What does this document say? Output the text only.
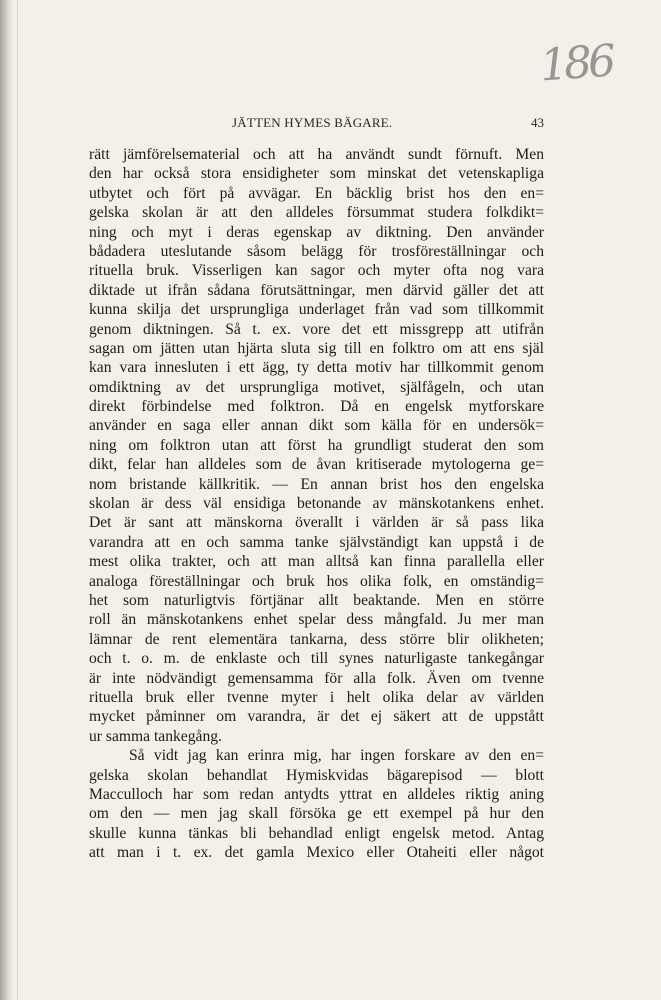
186
JÄTTEN HYMES BÄGARE.	43
rätt jämförelsematerial och att ha användt sundt förnuft. Men
den har också stora ensidigheter som minskat det vetenskapliga
utbytet och fört på avvägar. En bäcklig brist hos den en=
gelska skolan är att den alldeles försummat studera folkdikt=
ning och myt i deras egenskap av diktning. Den använder
bådadera uteslutande såsom belägg för trosföreställningar och
rituella bruk. Visserligen kan sagor och myter ofta nog vara
diktade ut ifrån sådana förutsättningar, men därvid gäller det att
kunna skilja det ursprungliga underlaget från vad som tillkommit
genom diktningen. Så t. ex. vore det ett missgrepp att utifrån
sagan om jätten utan hjärta sluta sig till en folktro om att ens själ
kan vara innesluten i ett ägg, ty detta motiv har tillkommit genom
omdiktning av det ursprungliga motivet, själfågeln, och utan
direkt förbindelse med folktron. Då en engelsk mytforskare
använder en saga eller annan dikt som källa för en undersök=
ning om folktron utan att först ha grundligt studerat den som
dikt, felar han alldeles som de åvan kritiserade mytologerna ge=
nom bristande källkritik. — En annan brist hos den engelska
skolan är dess väl ensidiga betonande av mänskotankens enhet.
Det är sant att mänskorna överallt i världen är så pass lika
varandra att en och samma tanke självständigt kan uppstå i de
mest olika trakter, och att man alltså kan finna parallella eller
analoga föreställningar och bruk hos olika folk, en omständig=
het som naturligtvis förtjänar allt beaktande. Men en större
roll än mänskotankens enhet spelar dess mångfald. Ju mer man
lämnar de rent elementära tankarna, dess större blir olikheten;
och t. o. m. de enklaste och till synes naturligaste tankegångar
är inte nödvändigt gemensamma för alla folk. Även om tvenne
rituella bruk eller tvenne myter i helt olika delar av världen
mycket påminner om varandra, är det ej säkert att de uppstått
ur samma tankegång.
Så vidt jag kan erinra mig, har ingen forskare av den en=
gelska skolan behandlat Hymiskvidas bägarepisod — blott
Macculloch har som redan antydts yttrat en alldeles riktig aning
om den — men jag skall försöka ge ett exempel på hur den
skulle kunna tänkas bli behandlad enligt engelsk metod. Antag
att man i t. ex. det gamla Mexico eller Otaheiti eller något
